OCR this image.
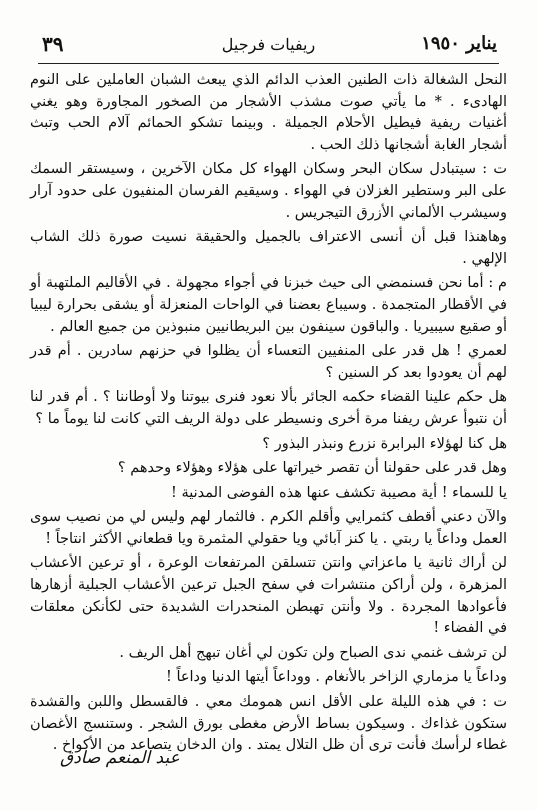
٣٩	ريفيات فرجيل	يناير ١٩٥٠

النحل الشغالة ذات الطنين العذب الدائم الذي يبعث الشبان العاملين على النوم الهادىء . * ما يأتي صوت مشذب الأشجار من الصخور المجاورة وهو يغني أغنيات ريفية فيطيل الأحلام الجميلة . وبينما تشكو الحمائم آلام الحب وتبث أشجار الغابة أشجانها ذلك الحب .

ت : سيتبادل سكان البحر وسكان الهواء كل مكان الآخرين ، وسيستقر السمك على البر وستطير الغزلان في الهواء . وسيقيم الفرسان المنفيون على حدود آرار وسيشرب الألماني الأزرق التيجريس .

وهاهنذا قبل أن أنسى الاعتراف بالجميل والحقيقة نسيت صورة ذلك الشاب الإلهي .

م : أما نحن فسنمضي الى حيث خبزنا في أجواء مجهولة . في الأقاليم الملتهبة أو في الأقطار المتجمدة . وسيباع بعضنا في الواحات المنعزلة أو يشقى بحرارة ليبيا أو صقيع سيبيريا . والباقون سينفون بين البريطانيين منبوذين من جميع العالم .

لعمري ! هل قدر على المنفيين التعساء أن يظلوا في حزنهم سادرين . أم قدر لهم أن يعودوا بعد كر السنين ؟

هل حكم علينا القضاء حكمه الجائر بألا نعود فنرى بيوتنا ولا أوطاننا ؟ . أم قدر لنا أن نتبوأ عرش ريفنا مرة أخرى ونسيطر على دولة الريف التي كانت لنا يوماً ما ؟

هل كنا لهؤلاء البرابرة نزرع ونبذر البذور ؟

وهل قدر على حقولنا أن تقصر خيراتها على هؤلاء وهؤلاء وحدهم ؟

يا للسماء ! أية مصيبة تكشف عنها هذه الفوضى المدنية !

والآن دعني أقطف كثمرايي وأقلم الكرم . فالثمار لهم وليس لي من نصيب سوى العمل وداعاً يا ربتي . يا كنز آبائي ويا حقولي المثمرة ويا قطعاني الأكثر انتاجاً !

لن أراك ثانية يا ماعزاتي وانتن تتسلقن المرتفعات الوعرة ، أو ترعين الأعشاب المزهرة ، ولن أراكن منتشرات في سفح الجبل ترعين الأعشاب الجبلية أزهارها فأعوادها المجردة . ولا وأنتن تهبطن المنحدرات الشديدة حتى لكأنكن معلقات في الفضاء !

لن ترشف غنمي ندى الصباح ولن تكون لي أغان تبهج أهل الريف .

وداعاً يا مزماري الزاخر بالأنغام . ووداعاً أيتها الدنيا وداعاً !

ت : في هذه الليلة على الأقل انس همومك معي . فالقسطل واللبن والقشدة ستكون غذاءك . وسيكون بساط الأرض مغطى بورق الشجر . وستنسج الأغصان غطاء لرأسك فأنت ترى أن ظل التلال يمتد . وان الدخان يتصاعد من الأكواخ .

عبد المنعم صادق
